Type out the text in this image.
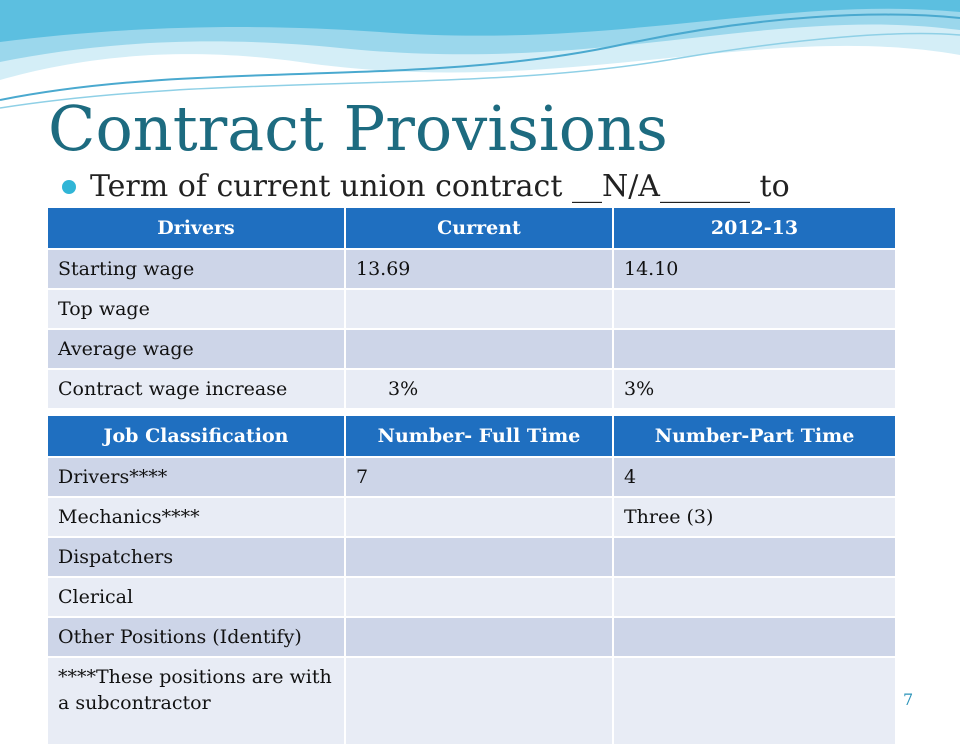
Contract Provisions
Term of current union contract __N/A______ to
Drivers	Current	2012-13
Starting wage	13.69	14.10
Top wage		
Average wage		
Contract wage increase	3%	3%
Job Classification	Number- Full Time	Number-Part Time
Drivers****	7	4
Mechanics****		Three (3)
Dispatchers		
Clerical		
Other Positions (Identify)		
****These positions are with a subcontractor			7
